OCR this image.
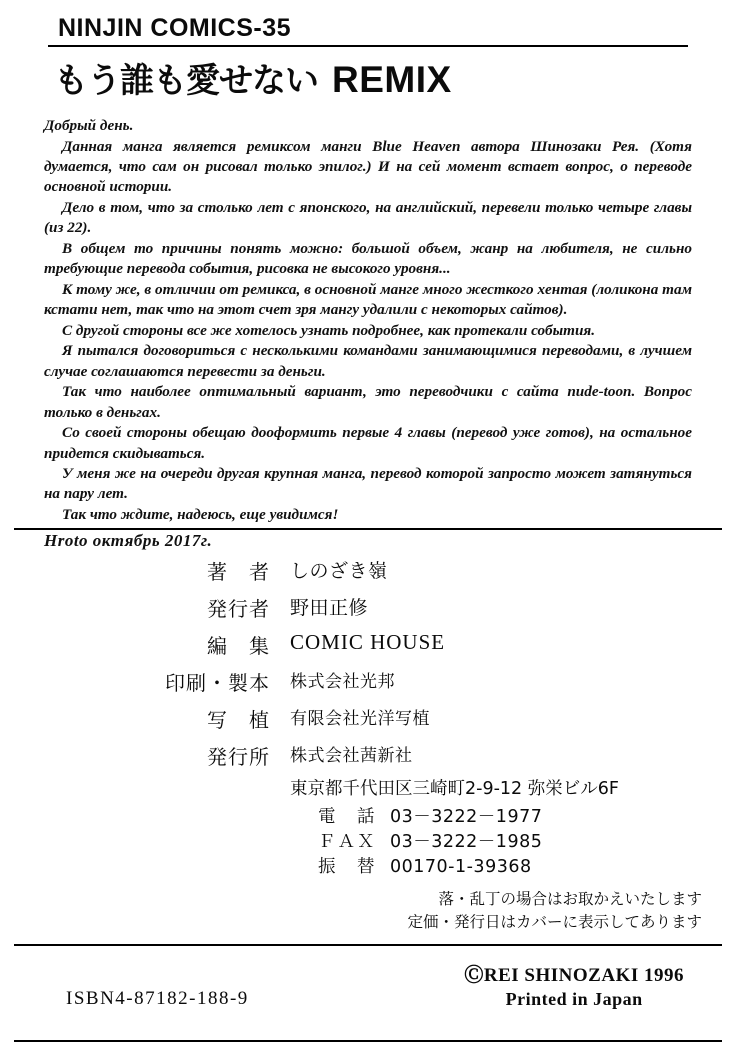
NINJIN COMICS-35
もう誰も愛せない REMIX

Добрый день.

Данная манга является ремиксом манги Blue Heaven автора Шинозаки Рея. (Хотя думается, что сам он рисовал только эпилог.) И на сей момент встает вопрос, о переводе основной истории.

Дело в том, что за столько лет с японского, на английский, перевели только четыре главы (из 22).

В общем то причины понять можно: большой объем, жанр на любителя, не сильно требующие перевода события, рисовка не высокого уровня...

К тому же, в отличии от ремикса, в основной манге много жесткого хентая (лоликона там кстати нет, так что на этот счет зря мангу удалили с некоторых сайтов).

С другой стороны все же хотелось узнать подробнее, как протекали события.

Я пытался договориться с несколькими командами занимающимися переводами, в лучшем случае соглашаются перевести за деньги.

Так что наиболее оптимальный вариант, это переводчики с сайта nude-toon. Вопрос только в деньгах.

Со своей стороны обещаю дооформить первые 4 главы (перевод уже готов), на остальное придется скидываться.

У меня же на очереди другая крупная манга, перевод которой запросто может затянуться на пару лет.

Так что ждите, надеюсь, еще увидимся!

Hroto октябрь 2017г.

著　者	しのざき嶺
発行者	野田正修
編　集 COMIC HOUSE
印刷・製本	株式会社光邦
写　植	有限会社光洋写植
発行所	株式会社茜新社
東京都千代田区三崎町2-9-12 弥栄ビル6F
電　話 03－3222－1977
ＦＡＸ 03－3222－1985
振　替 00170-1-39368
落・乱丁の場合はお取かえいたします
定価・発行日はカバーに表示してあります
ISBN4-87182-188-9
ⒸREI SHINOZAKI 1996
Printed in Japan
